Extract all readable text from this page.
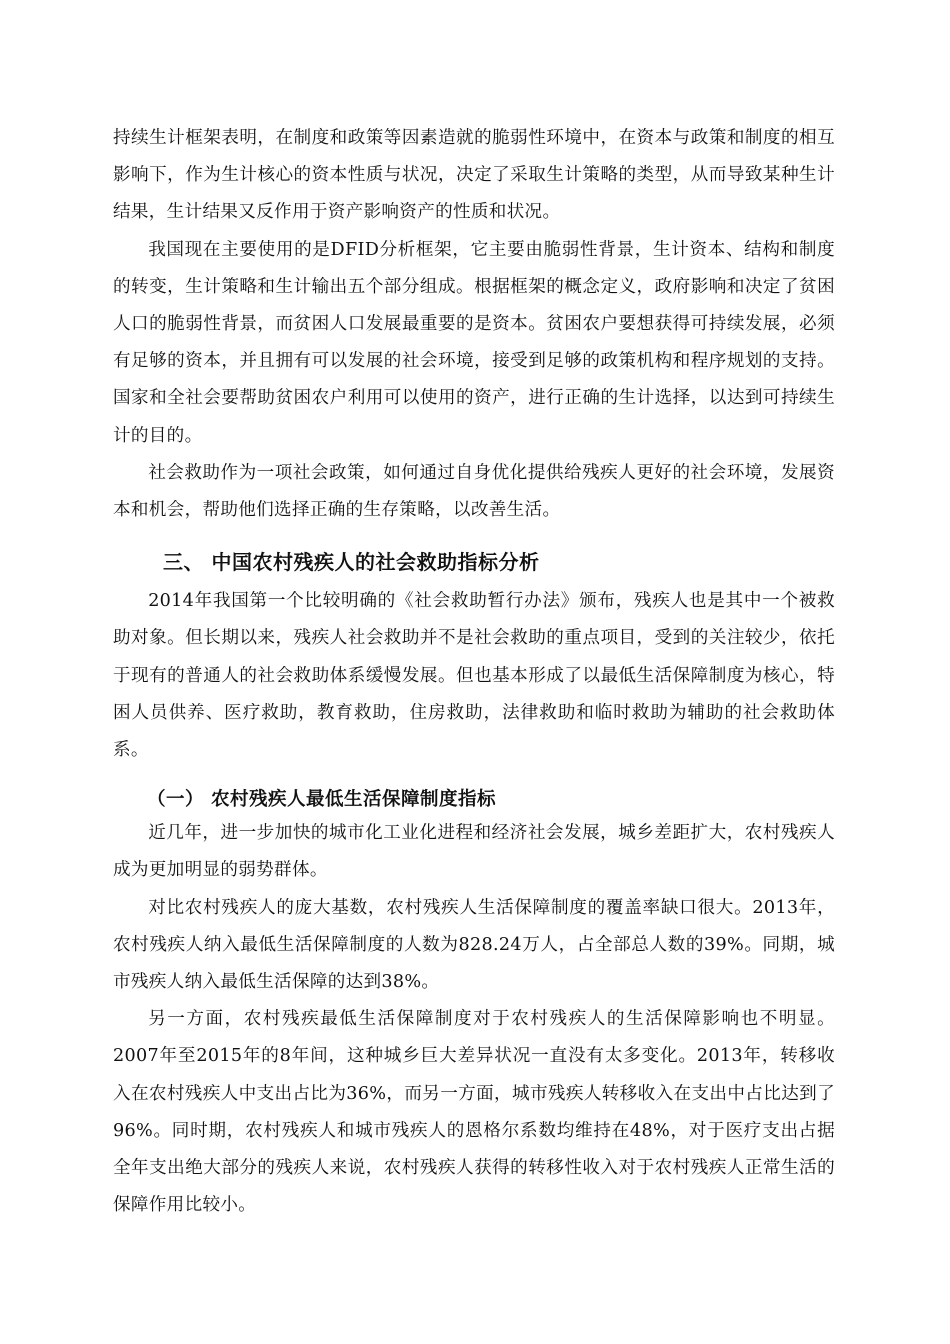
持续生计框架表明，在制度和政策等因素造就的脆弱性环境中，在资本与政策和制度的相互影响下，作为生计核心的资本性质与状况，决定了采取生计策略的类型，从而导致某种生计结果，生计结果又反作用于资产影响资产的性质和状况。

我国现在主要使用的是DFID分析框架，它主要由脆弱性背景，生计资本、结构和制度的转变，生计策略和生计输出五个部分组成。根据框架的概念定义，政府影响和决定了贫困人口的脆弱性背景，而贫困人口发展最重要的是资本。贫困农户要想获得可持续发展，必须有足够的资本，并且拥有可以发展的社会环境，接受到足够的政策机构和程序规划的支持。国家和全社会要帮助贫困农户利用可以使用的资产，进行正确的生计选择，以达到可持续生计的目的。

社会救助作为一项社会政策，如何通过自身优化提供给残疾人更好的社会环境，发展资本和机会，帮助他们选择正确的生存策略，以改善生活。

三、 中国农村残疾人的社会救助指标分析

2014年我国第一个比较明确的《社会救助暂行办法》颁布，残疾人也是其中一个被救助对象。但长期以来，残疾人社会救助并不是社会救助的重点项目，受到的关注较少，依托于现有的普通人的社会救助体系缓慢发展。但也基本形成了以最低生活保障制度为核心，特困人员供养、医疗救助，教育救助，住房救助，法律救助和临时救助为辅助的社会救助体系。

（一） 农村残疾人最低生活保障制度指标

近几年，进一步加快的城市化工业化进程和经济社会发展，城乡差距扩大，农村残疾人成为更加明显的弱势群体。

对比农村残疾人的庞大基数，农村残疾人生活保障制度的覆盖率缺口很大。2013年，农村残疾人纳入最低生活保障制度的人数为828.24万人，占全部总人数的39%。同期，城市残疾人纳入最低生活保障的达到38%。

另一方面，农村残疾最低生活保障制度对于农村残疾人的生活保障影响也不明显。2007年至2015年的8年间，这种城乡巨大差异状况一直没有太多变化。2013年，转移收入在农村残疾人中支出占比为36%，而另一方面，城市残疾人转移收入在支出中占比达到了96%。同时期，农村残疾人和城市残疾人的恩格尔系数均维持在48%，对于医疗支出占据全年支出绝大部分的残疾人来说，农村残疾人获得的转移性收入对于农村残疾人正常生活的保障作用比较小。
